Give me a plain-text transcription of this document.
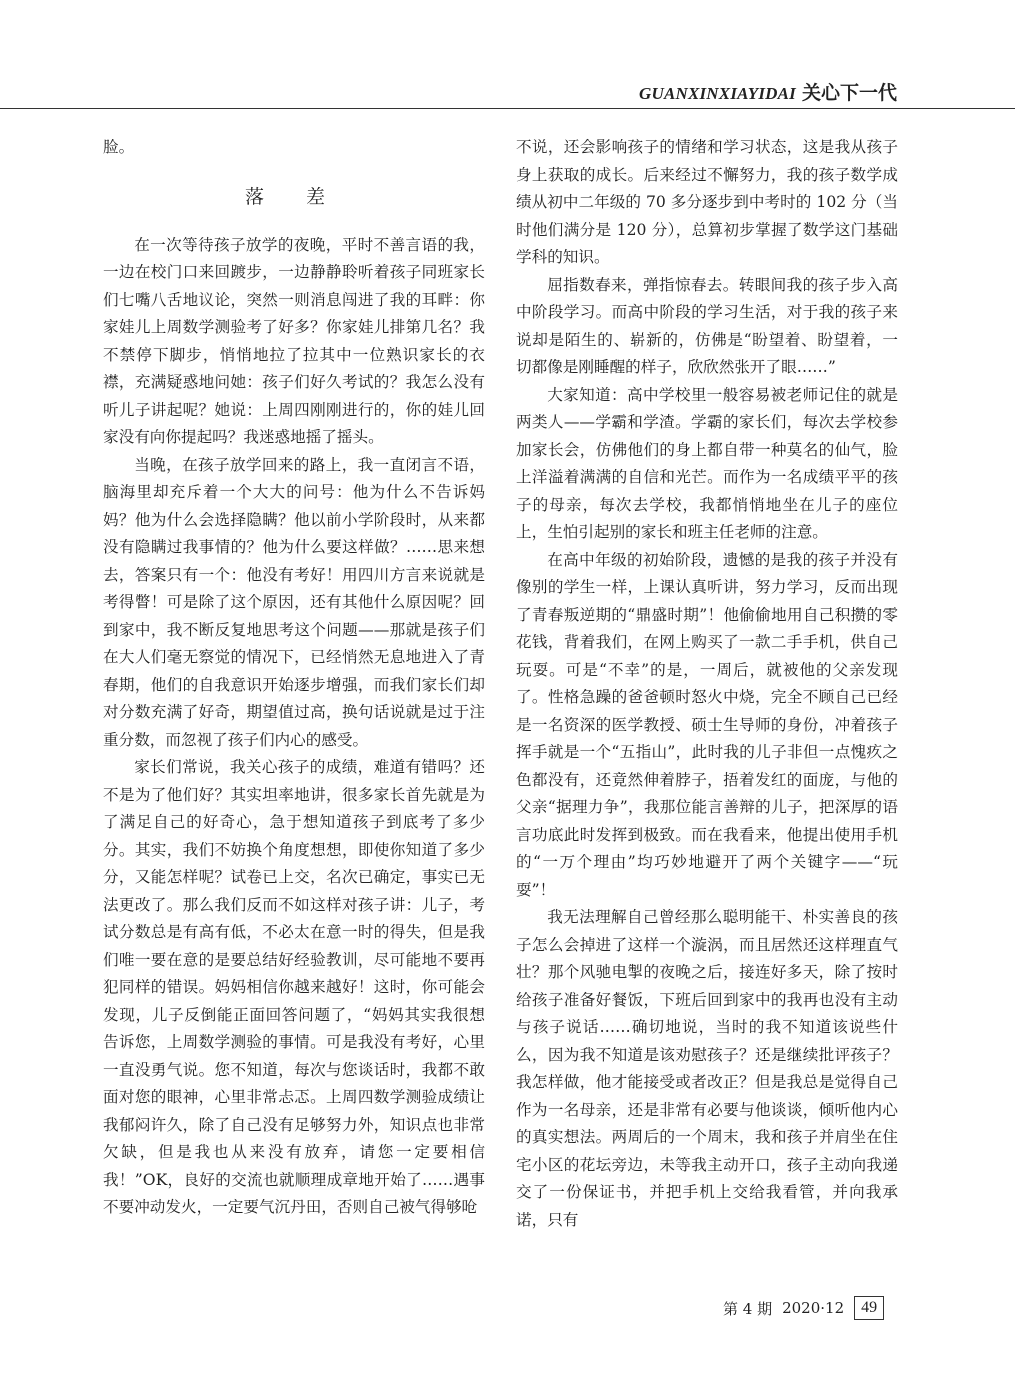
GUANXINXIAYIDAI 关心下一代

脸。

落 差

在一次等待孩子放学的夜晚，平时不善言语的我，一边在校门口来回踱步，一边静静聆听着孩子同班家长们七嘴八舌地议论，突然一则消息闯进了我的耳畔：你家娃儿上周数学测验考了好多？你家娃儿排第几名？我不禁停下脚步，悄悄地拉了拉其中一位熟识家长的衣襟，充满疑惑地问她：孩子们好久考试的？我怎么没有听儿子讲起呢？她说：上周四刚刚进行的，你的娃儿回家没有向你提起吗？我迷惑地摇了摇头。

当晚，在孩子放学回来的路上，我一直闭言不语，脑海里却充斥着一个大大的问号：他为什么不告诉妈妈？他为什么会选择隐瞒？他以前小学阶段时，从来都没有隐瞒过我事情的？他为什么要这样做？……思来想去，答案只有一个：他没有考好！用四川方言来说就是考得瞥！可是除了这个原因，还有其他什么原因呢？回到家中，我不断反复地思考这个问题——那就是孩子们在大人们毫无察觉的情况下，已经悄然无息地进入了青春期，他们的自我意识开始逐步增强，而我们家长们却对分数充满了好奇，期望值过高，换句话说就是过于注重分数，而忽视了孩子们内心的感受。

家长们常说，我关心孩子的成绩，难道有错吗？还不是为了他们好？其实坦率地讲，很多家长首先就是为了满足自己的好奇心，急于想知道孩子到底考了多少分。其实，我们不妨换个角度想想，即使你知道了多少分，又能怎样呢？试卷已上交，名次已确定，事实已无法更改了。那么我们反而不如这样对孩子讲：儿子，考试分数总是有高有低，不必太在意一时的得失，但是我们唯一要在意的是要总结好经验教训，尽可能地不要再犯同样的错误。妈妈相信你越来越好！这时，你可能会发现，儿子反倒能正面回答问题了，“妈妈其实我很想告诉您，上周数学测验的事情。可是我没有考好，心里一直没勇气说。您不知道，每次与您谈话时，我都不敢面对您的眼神，心里非常忐忑。上周四数学测验成绩让我郁闷许久，除了自己没有足够努力外，知识点也非常欠缺，但是我也从来没有放弃，请您一定要相信我！”OK，良好的交流也就顺理成章地开始了……遇事不要冲动发火，一定要气沉丹田，否则自己被气得够呛

不说，还会影响孩子的情绪和学习状态，这是我从孩子身上获取的成长。后来经过不懈努力，我的孩子数学成绩从初中二年级的 70 多分逐步到中考时的 102 分（当时他们满分是 120 分），总算初步掌握了数学这门基础学科的知识。

屈指数春来，弹指惊春去。转眼间我的孩子步入高中阶段学习。而高中阶段的学习生活，对于我的孩子来说却是陌生的、崭新的，仿佛是“盼望着、盼望着，一切都像是刚睡醒的样子，欣欣然张开了眼……”

大家知道：高中学校里一般容易被老师记住的就是两类人——学霸和学渣。学霸的家长们，每次去学校参加家长会，仿佛他们的身上都自带一种莫名的仙气，脸上洋溢着满满的自信和光芒。而作为一名成绩平平的孩子的母亲，每次去学校，我都悄悄地坐在儿子的座位上，生怕引起别的家长和班主任老师的注意。

在高中年级的初始阶段，遗憾的是我的孩子并没有像别的学生一样，上课认真听讲，努力学习，反而出现了青春叛逆期的“鼎盛时期”！他偷偷地用自己积攒的零花钱，背着我们，在网上购买了一款二手手机，供自己玩耍。可是“不幸”的是，一周后，就被他的父亲发现了。性格急躁的爸爸顿时怒火中烧，完全不顾自己已经是一名资深的医学教授、硕士生导师的身份，冲着孩子挥手就是一个“五指山”，此时我的儿子非但一点愧疚之色都没有，还竟然伸着脖子，捂着发红的面庞，与他的父亲“据理力争”，我那位能言善辩的儿子，把深厚的语言功底此时发挥到极致。而在我看来，他提出使用手机的“一万个理由”均巧妙地避开了两个关键字——“玩耍”！

我无法理解自己曾经那么聪明能干、朴实善良的孩子怎么会掉进了这样一个漩涡，而且居然还这样理直气壮？那个风驰电掣的夜晚之后，接连好多天，除了按时给孩子准备好餐饭，下班后回到家中的我再也没有主动与孩子说话……确切地说，当时的我不知道该说些什么，因为我不知道是该劝慰孩子？还是继续批评孩子？我怎样做，他才能接受或者改正？但是我总是觉得自己作为一名母亲，还是非常有必要与他谈谈，倾听他内心的真实想法。两周后的一个周末，我和孩子并肩坐在住宅小区的花坛旁边，未等我主动开口，孩子主动向我递交了一份保证书，并把手机上交给我看管，并向我承诺，只有

第 4 期 2020·12	49
